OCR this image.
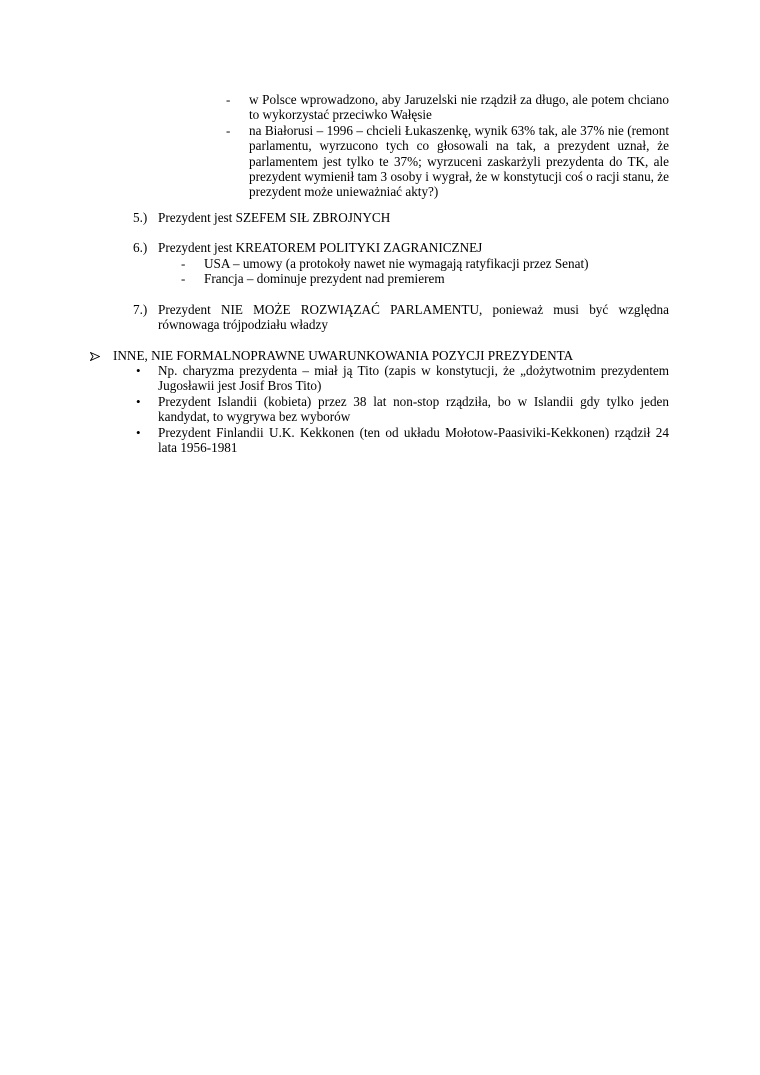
- w Polsce wprowadzono, aby Jaruzelski nie rządził za długo, ale potem chciano to wykorzystać przeciwko Wałęsie
- na Białorusi – 1996 – chcieli Łukaszenkę, wynik 63% tak, ale 37% nie (remont parlamentu, wyrzucono tych co głosowali na tak, a prezydent uznał, że parlamentem jest tylko te 37%; wyrzuceni zaskarżyli prezydenta do TK, ale prezydent wymienił tam 3 osoby i wygrał, że w konstytucji coś o racji stanu, że prezydent może unieważniać akty?)
5.) Prezydent jest SZEFEM SIŁ ZBROJNYCH
6.) Prezydent jest KREATOREM POLITYKI ZAGRANICZNEJ
- USA – umowy (a protokoły nawet nie wymagają ratyfikacji przez Senat)
- Francja – dominuje prezydent nad premierem
7.) Prezydent NIE MOŻE ROZWIĄZAĆ PARLAMENTU, ponieważ musi być względna równowaga trójpodziału władzy
INNE, NIE FORMALNOPRAWNE UWARUNKOWANIA POZYCJI PREZYDENTA
• Np. charyzma prezydenta – miał ją Tito (zapis w konstytucji, że „dożytwotnim prezydentem Jugosławii jest Josif Bros Tito)
• Prezydent Islandii (kobieta) przez 38 lat non-stop rządziła, bo w Islandii gdy tylko jeden kandydat, to wygrywa bez wyborów
• Prezydent Finlandii U.K. Kekkonen (ten od układu Mołotow-Paasiviki-Kekkonen) rządził 24 lata 1956-1981
